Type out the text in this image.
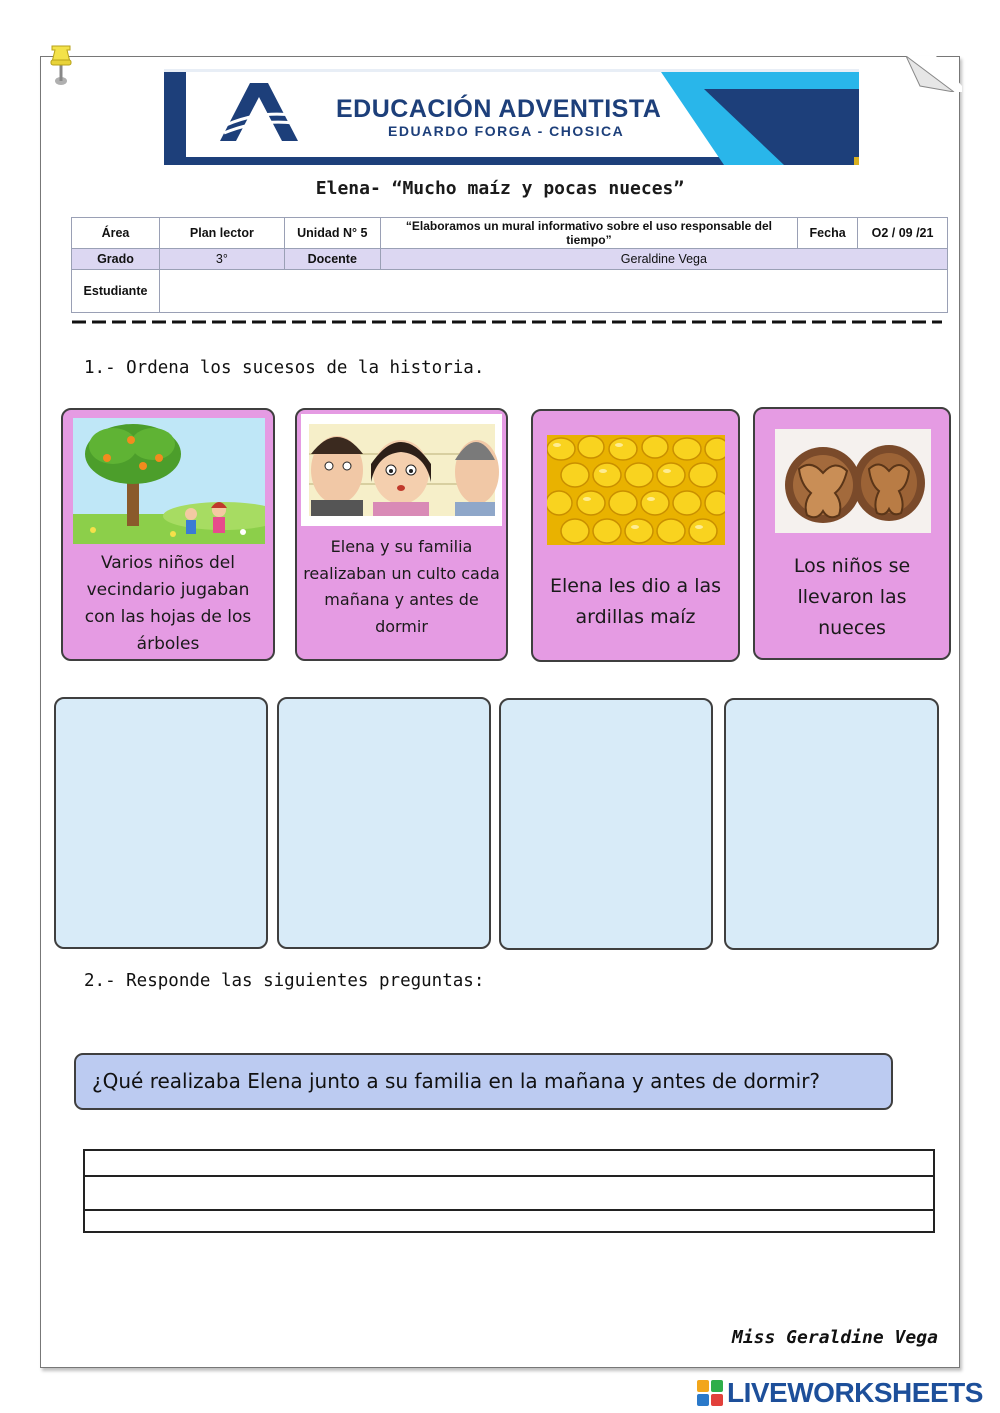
EDUCACIÓN ADVENTISTA
EDUARDO FORGA - CHOSICA
Elena- “Mucho maíz y pocas nueces”
Área	Plan lector	Unidad N° 5	“Elaboramos un mural informativo sobre el uso responsable del tiempo”	Fecha	O2 / 09 /21
Grado	3°	Docente	Geraldine Vega		
Estudiante					
1.- Ordena los sucesos de la historia.
Varios niños del vecindario jugaban con las hojas de los árboles
Elena y su familia realizaban un culto cada mañana y antes de dormir
Elena les dio a las ardillas maíz
Los niños se llevaron las nueces
2.- Responde las siguientes preguntas:
¿Qué realizaba Elena junto a su familia en la mañana y antes de dormir?
Miss Geraldine Vega
LIVEWORKSHEETS
